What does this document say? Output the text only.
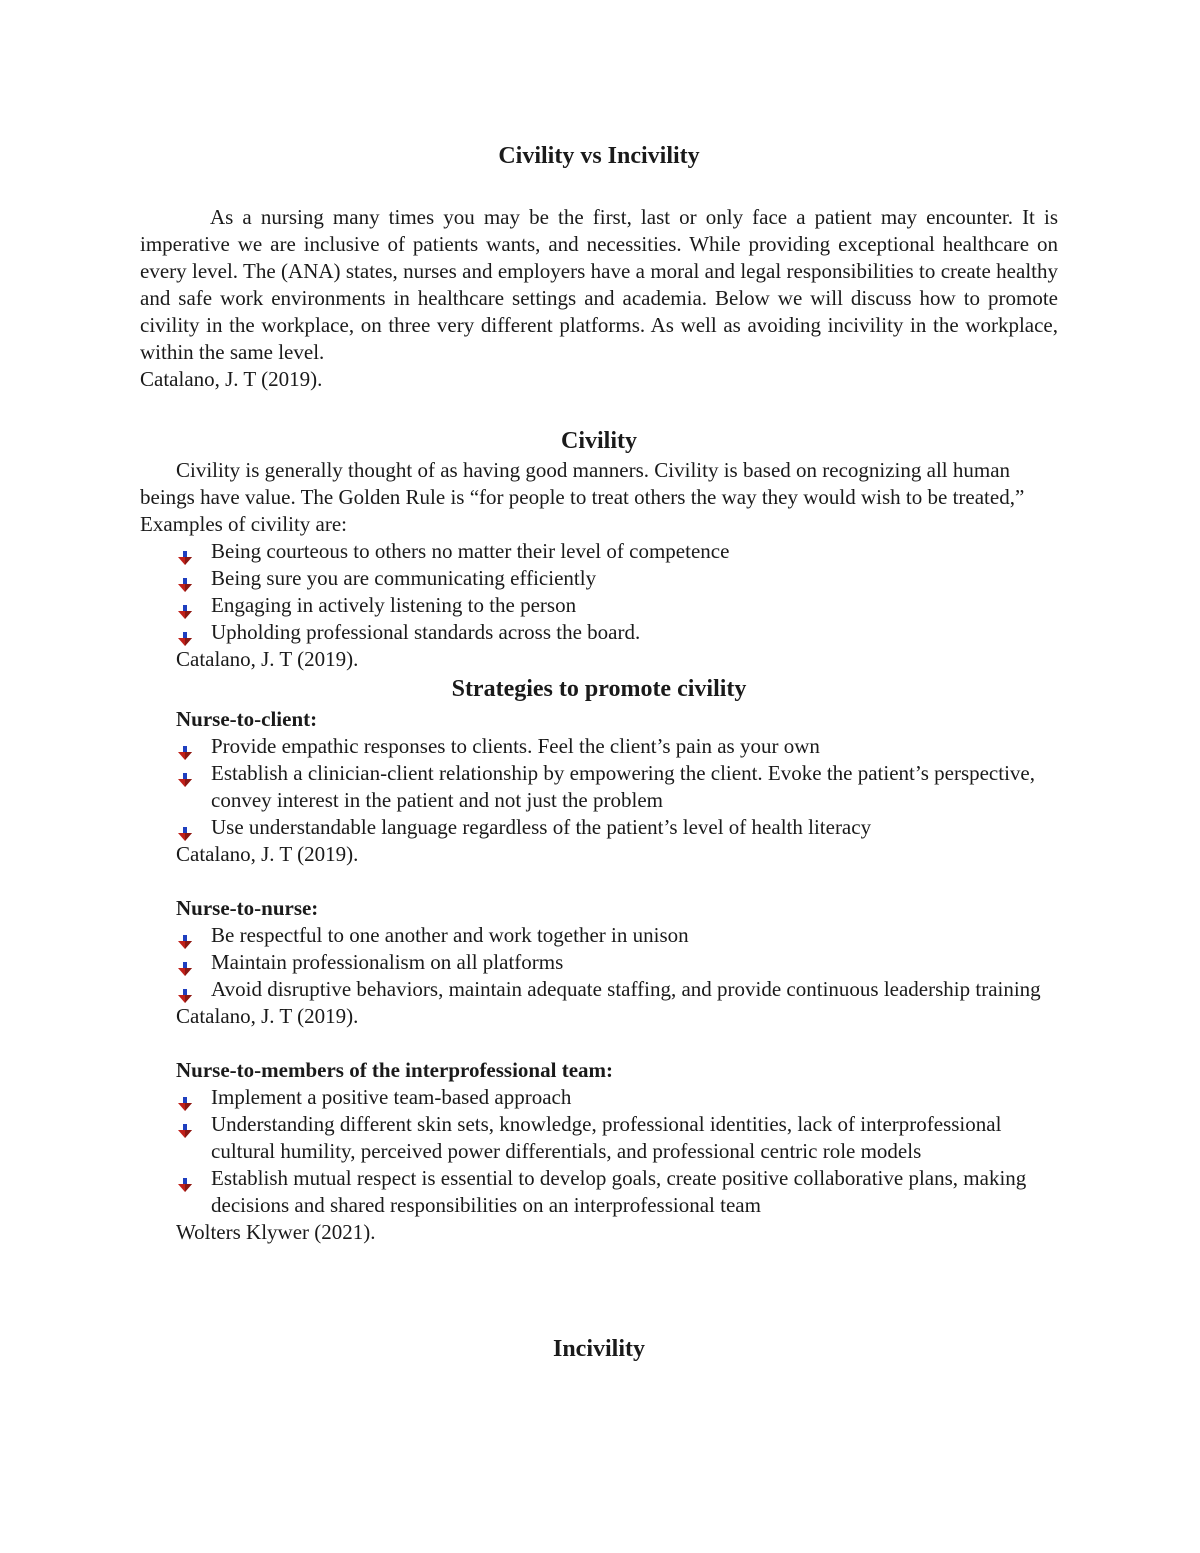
Civility vs Incivility

As a nursing many times you may be the first, last or only face a patient may encounter. It is imperative we are inclusive of patients wants, and necessities. While providing exceptional healthcare on every level. The (ANA) states, nurses and employers have a moral and legal responsibilities to create healthy and safe work environments in healthcare settings and academia. Below we will discuss how to promote civility in the workplace, on three very different platforms. As well as avoiding incivility in the workplace, within the same level.
Catalano, J. T (2019).

Civility

Civility is generally thought of as having good manners. Civility is based on recognizing all human beings have value. The Golden Rule is “for people to treat others the way they would wish to be treated,” Examples of civility are:

Being courteous to others no matter their level of competence
Being sure you are communicating efficiently
Engaging in actively listening to the person
Upholding professional standards across the board.

Catalano, J. T (2019).

Strategies to promote civility

Nurse-to-client:

Provide empathic responses to clients. Feel the client’s pain as your own
Establish a clinician-client relationship by empowering the client. Evoke the patient’s perspective, convey interest in the patient and not just the problem
Use understandable language regardless of the patient’s level of health literacy

Catalano, J. T (2019).

Nurse-to-nurse:

Be respectful to one another and work together in unison
Maintain professionalism on all platforms
Avoid disruptive behaviors, maintain adequate staffing, and provide continuous leadership training

Catalano, J. T (2019).

Nurse-to-members of the interprofessional team:

Implement a positive team-based approach
Understanding different skin sets, knowledge, professional identities, lack of interprofessional cultural humility, perceived power differentials, and professional centric role models
Establish mutual respect is essential to develop goals, create positive collaborative plans, making decisions and shared responsibilities on an interprofessional team

Wolters Klywer (2021).

Incivility
